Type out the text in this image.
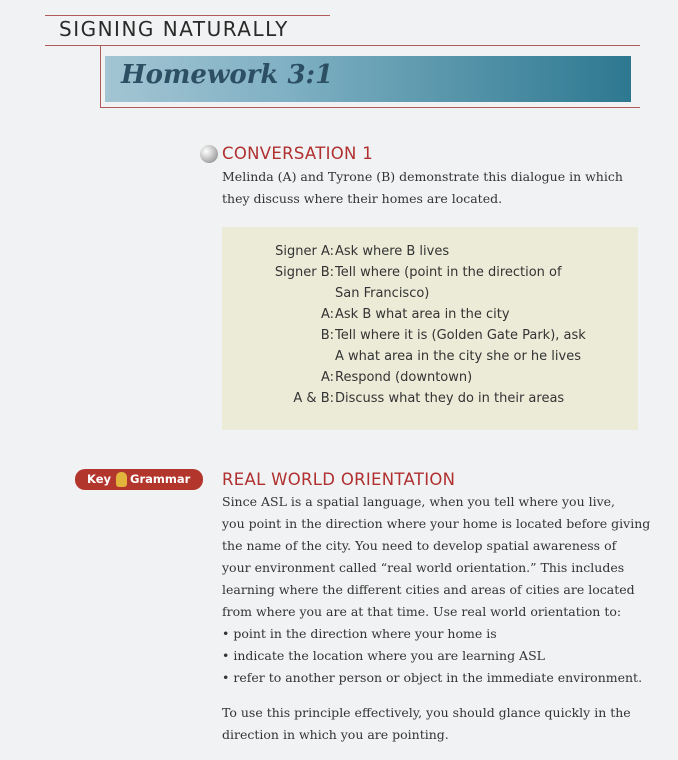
SIGNING NATURALLY
Homework 3:1
CONVERSATION 1
Melinda (A) and Tyrone (B) demonstrate this dialogue in which
they discuss where their homes are located.
Signer A: Ask where B lives
Signer B: Tell where (point in the direction of
San Francisco)
A: Ask B what area in the city
B: Tell where it is (Golden Gate Park), ask
A what area in the city she or he lives
A: Respond (downtown)
A & B: Discuss what they do in their areas
Key Grammar REAL WORLD ORIENTATION
Since ASL is a spatial language, when you tell where you live,
you point in the direction where your home is located before giving
the name of the city. You need to develop spatial awareness of
your environment called “real world orientation.” This includes
learning where the different cities and areas of cities are located
from where you are at that time. Use real world orientation to:
• point in the direction where your home is
• indicate the location where you are learning ASL
• refer to another person or object in the immediate environment.
To use this principle effectively, you should glance quickly in the
direction in which you are pointing.
